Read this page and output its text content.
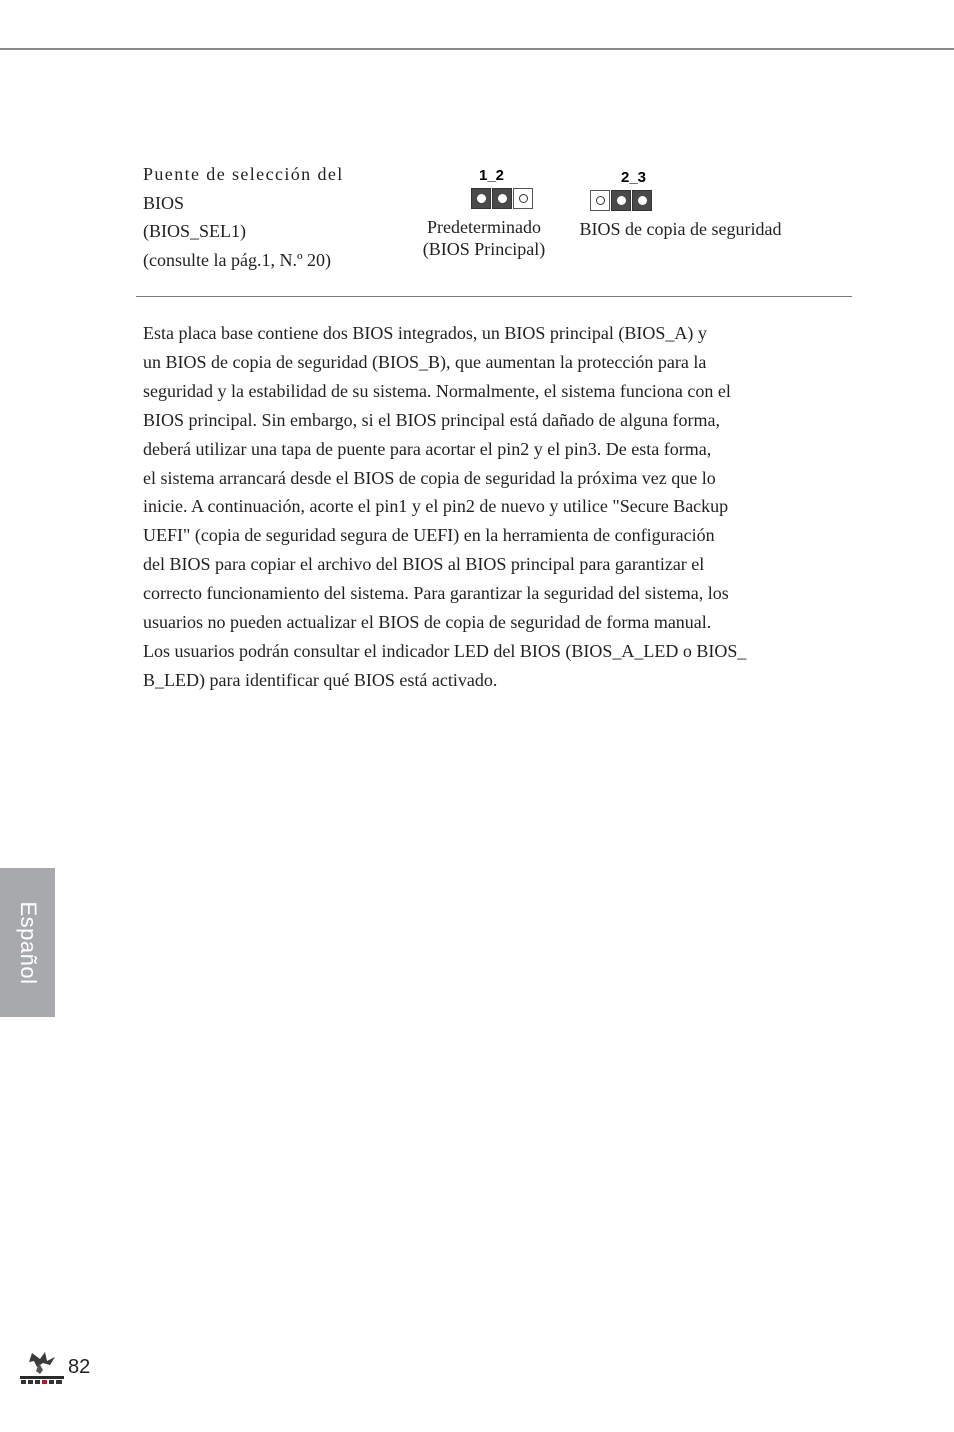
Puente de selección del
BIOS
(BIOS_SEL1)
(consulte la pág.1, N.º 20)
1_2
Predeterminado
(BIOS Principal)
2_3
BIOS de copia de seguridad
Esta placa base contiene dos BIOS integrados, un BIOS principal (BIOS_A) y
un BIOS de copia de seguridad (BIOS_B), que aumentan la protección para la
seguridad y la estabilidad de su sistema. Normalmente, el sistema funciona con el
BIOS principal. Sin embargo, si el BIOS principal está dañado de alguna forma,
deberá utilizar una tapa de puente para acortar el pin2 y el pin3. De esta forma,
el sistema arrancará desde el BIOS de copia de seguridad la próxima vez que lo
inicie. A continuación, acorte el pin1 y el pin2 de nuevo y utilice "Secure Backup
UEFI" (copia de seguridad segura de UEFI) en la herramienta de configuración
del BIOS para copiar el archivo del BIOS al BIOS principal para garantizar el
correcto funcionamiento del sistema. Para garantizar la seguridad del sistema, los
usuarios no pueden actualizar el BIOS de copia de seguridad de forma manual.
Los usuarios podrán consultar el indicador LED del BIOS (BIOS_A_LED o BIOS_
B_LED) para identificar qué BIOS está activado.
Español
82
